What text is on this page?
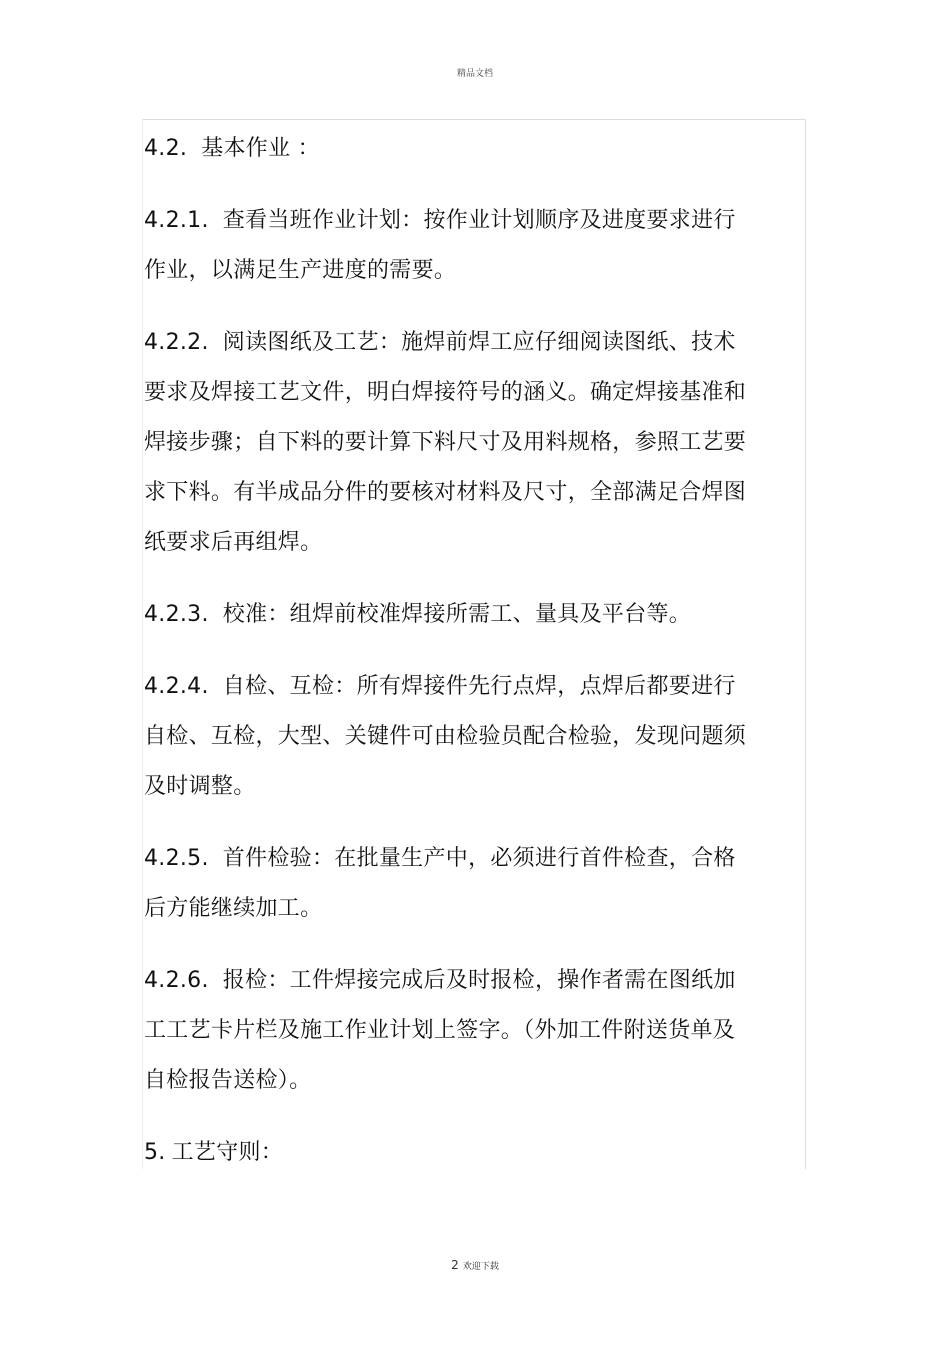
精品文档

4.2. 基本作业 ：

4.2.1. 查看当班作业计划：按作业计划顺序及进度要求进行作业，以满足生产进度的需要。

4.2.2. 阅读图纸及工艺：施焊前焊工应仔细阅读图纸、技术要求及焊接工艺文件，明白焊接符号的涵义。确定焊接基准和焊接步骤；自下料的要计算下料尺寸及用料规格，参照工艺要求下料。有半成品分件的要核对材料及尺寸，全部满足合焊图纸要求后再组焊。

4.2.3. 校准：组焊前校准焊接所需工、量具及平台等。

4.2.4. 自检、互检：所有焊接件先行点焊，点焊后都要进行自检、互检，大型、关键件可由检验员配合检验，发现问题须及时调整。

4.2.5. 首件检验：在批量生产中，必须进行首件检查，合格后方能继续加工。

4.2.6. 报检：工件焊接完成后及时报检，操作者需在图纸加工工艺卡片栏及施工作业计划上签字。（外加工件附送货单及自检报告送检）。

5. 工艺守则：

2 欢迎下载
